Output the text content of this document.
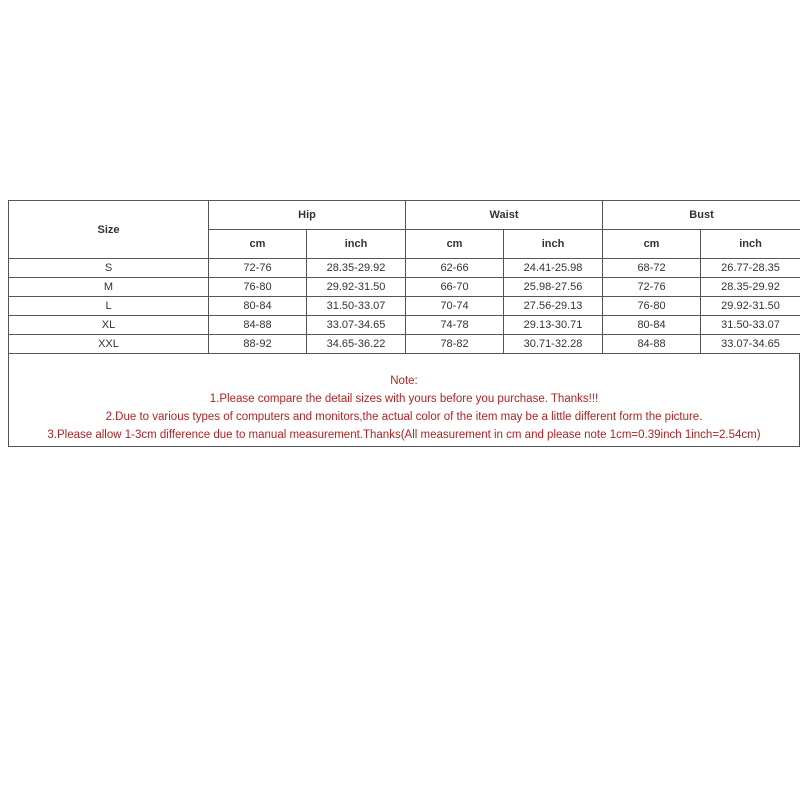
Size	Hip		Waist		Bust	
	cm	inch	cm	inch	cm	inch
S	72-76	28.35-29.92	62-66	24.41-25.98	68-72	26.77-28.35
M	76-80	29.92-31.50	66-70	25.98-27.56	72-76	28.35-29.92
L	80-84	31.50-33.07	70-74	27.56-29.13	76-80	29.92-31.50
XL	84-88	33.07-34.65	74-78	29.13-30.71	80-84	31.50-33.07
XXL	88-92	34.65-36.22	78-82	30.71-32.28	84-88	33.07-34.65
Note:
1.Please compare the detail sizes with yours before you purchase. Thanks!!!
2.Due to various types of computers and monitors,the actual color of the item may be a little different form the picture.
3.Please allow 1-3cm difference due to manual measurement.Thanks(All measurement in cm and please note 1cm=0.39inch 1inch=2.54cm)
